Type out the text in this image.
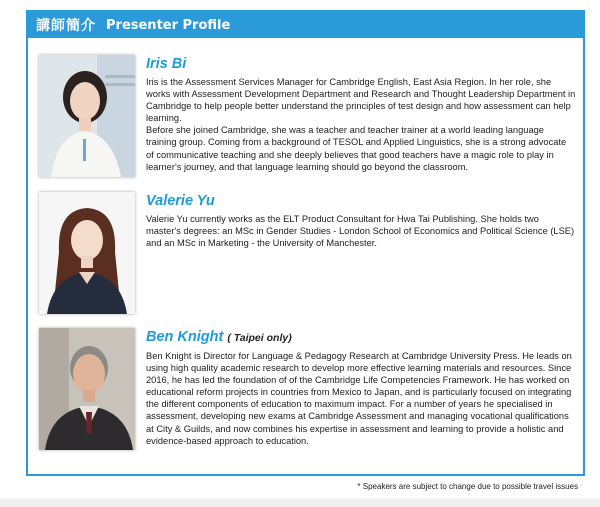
講師簡介 Presenter Profile
Iris Bi

Iris is the Assessment Services Manager for Cambridge English, East Asia Region. In her role, she works with Assessment Development Department and Research and Thought Leadership Department in Cambridge to help people better understand the principles of test design and how assessment can help learning.

Before she joined Cambridge, she was a teacher and teacher trainer at a world leading language training group. Coming from a background of TESOL and Applied Linguistics, she is a strong advocate of communicative teaching and she deeply believes that good teachers have a magic role to play in learner's journey, and that language learning should go beyond the classroom.

Valerie Yu

Valerie Yu currently works as the ELT Product Consultant for Hwa Tai Publishing. She holds two master's degrees: an MSc in Gender Studies - London School of Economics and Political Science (LSE) and an MSc in Marketing - the University of Manchester.

Ben Knight ( Taipei only)

Ben Knight is Director for Language & Pedagogy Research at Cambridge University Press. He leads on using high quality academic research to develop more effective learning materials and resources. Since 2016, he has led the foundation of of the Cambridge Life Competencies Framework. He has worked on educational reform projects in countries from Mexico to Japan, and is particularly focused on integrating the different components of education to maximum impact. For a number of years he specialised in assessment, developing new exams at Cambridge Assessment and managing vocational qualifications at City & Guilds, and now combines his expertise in assessment and learning to provide a holistic and evidence-based approach to education.

* Speakers are subject to change due to possible travel issues
